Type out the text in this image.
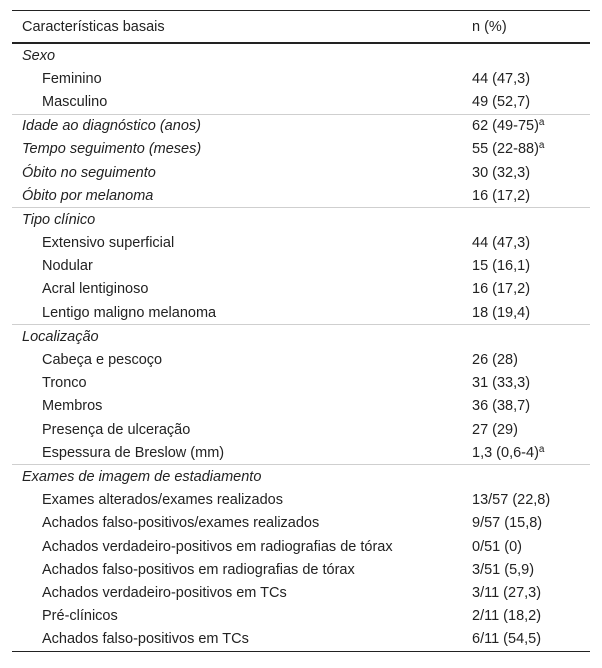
Características basais	n (%)
Sexo	
Feminino	44 (47,3)
Masculino	49 (52,7)
Idade ao diagnóstico (anos)	62 $(49-75)^a$
Tempo seguimento (meses)	55 $(22-88)^a$
Óbito no seguimento	30 (32,3)
Óbito por melanoma	16 (17,2)
Tipo clínico	
Extensivo superficial	44 (47,3)
Nodular	15 (16,1)
Acral lentiginoso	16 (17,2)
Lentigo maligno melanoma	18 (19,4)
Localização	
Cabeça e pescoço	26 (28)
Tronco	31 (33,3)
Membros	36 (38,7)
Presença de ulceração	27 (29)
Espessura de Breslow (mm)	1,3 $(0,6-4)^a$
Exames de imagem de estadiamento	
Exames alterados/exames realizados	13/57 (22,8)
Achados falso-positivos/exames realizados	9/57 (15,8)
Achados verdadeiro-positivos em radiografias de tórax	0/51 (0)
Achados falso-positivos em radiografias de tórax	3/51 (5,9)
Achados verdadeiro-positivos em TCs	3/11 (27,3)
Pré-clínicos	2/11 (18,2)
Achados falso-positivos em TCs	6/11 (54,5)
